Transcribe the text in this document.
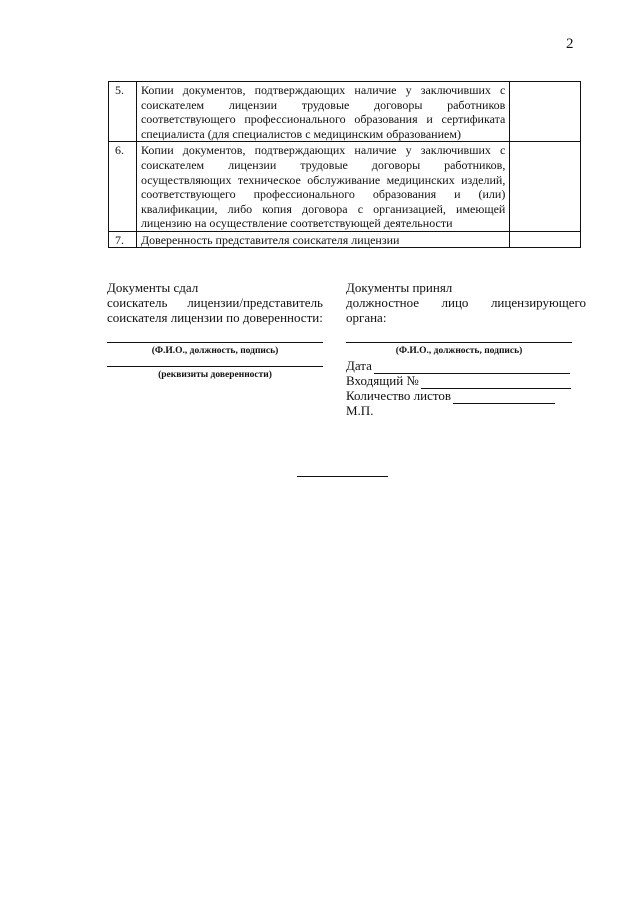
2
5.	Копии документов, подтверждающих наличие у заключивших с соискателем лицензии трудовые договоры работников соответствующего профессионального образования и сертификата специалиста (для специалистов с медицинским образованием)	
6.	Копии документов, подтверждающих наличие у заключивших с соискателем лицензии трудовые договоры работников, осуществляющих техническое обслуживание медицинских изделий, соответствующего профессионального образования и (или) квалификации, либо копия договора с организацией, имеющей лицензию на осуществление соответствующей деятельности	
7.	Доверенность представителя соискателя лицензии	
Документы сдал
соискатель лицензии/представитель
соискателя лицензии по доверенности:
(Ф.И.О., должность, подпись)
(реквизиты доверенности)
Документы принял
должностное лицо лицензирующего
органа:
(Ф.И.О., должность, подпись)
Дата
Входящий №
Количество листов
М.П.
